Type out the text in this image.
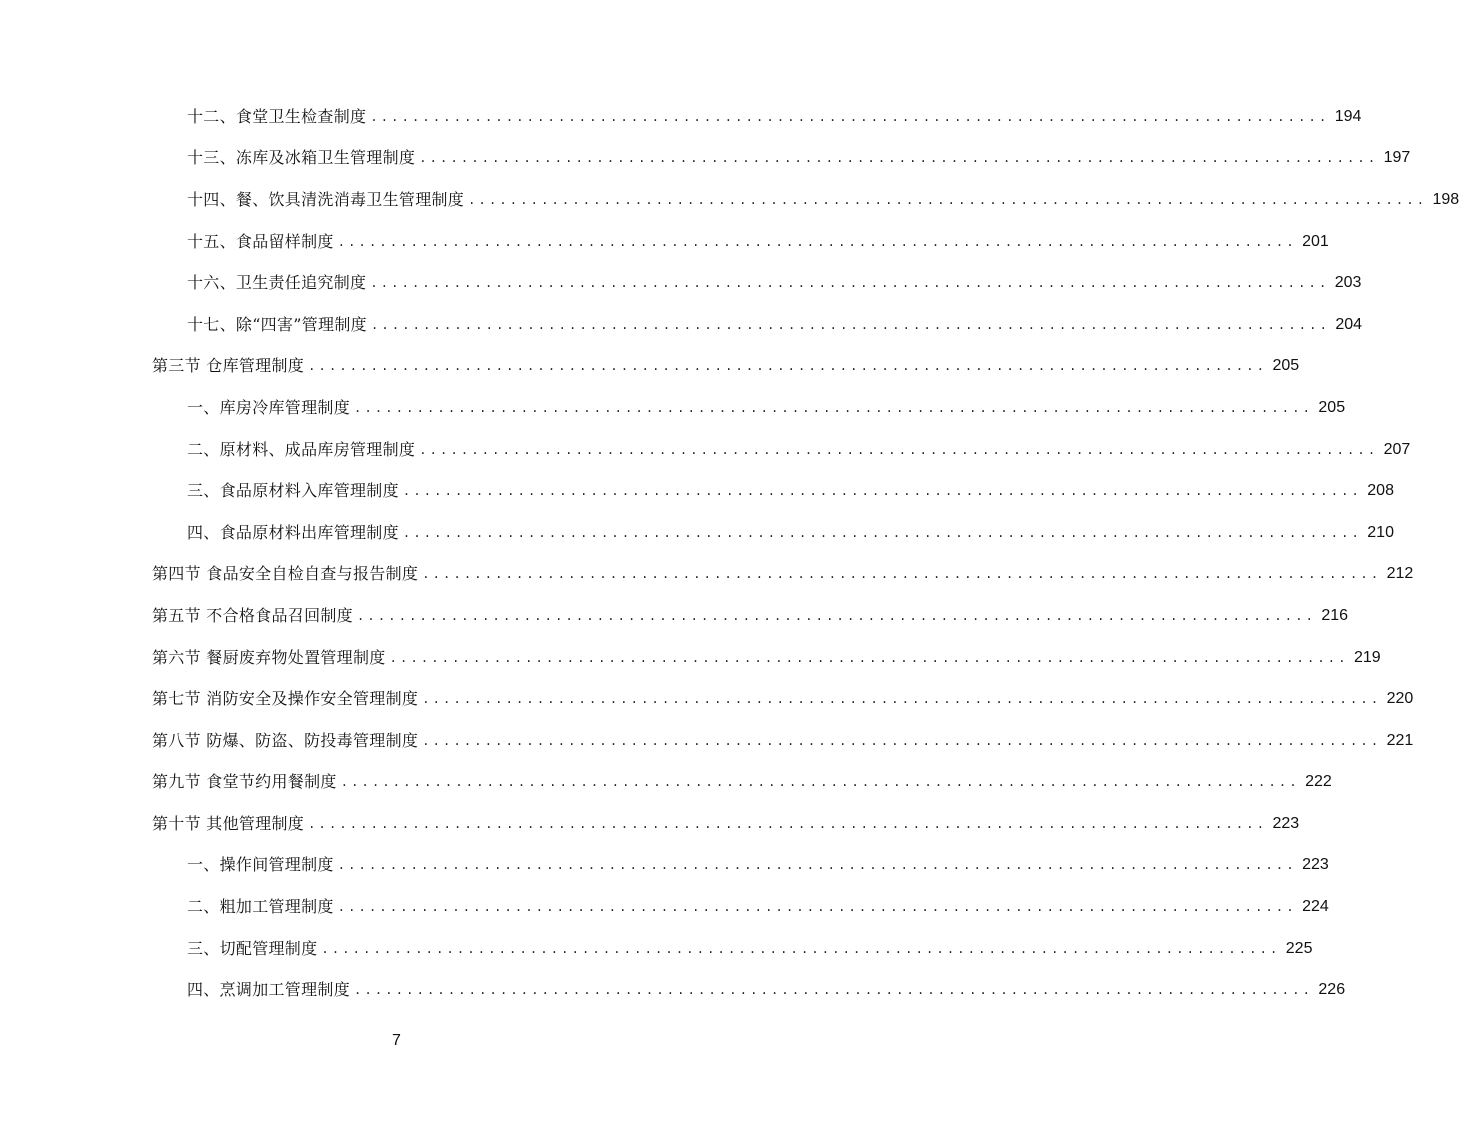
十二、食堂卫生检查制度 ............................................................................................ 194
十三、冻库及冰箱卫生管理制度 ............................................................................................ 197
十四、餐、饮具清洗消毒卫生管理制度 ............................................................................................ 198
十五、食品留样制度 ............................................................................................ 201
十六、卫生责任追究制度 ............................................................................................ 203
十七、除“四害”管理制度 ............................................................................................ 204
第三节 仓库管理制度 ............................................................................................ 205
一、库房冷库管理制度 ............................................................................................ 205
二、原材料、成品库房管理制度 ............................................................................................ 207
三、食品原材料入库管理制度 ............................................................................................ 208
四、食品原材料出库管理制度 ............................................................................................ 210
第四节 食品安全自检自查与报告制度 ............................................................................................ 212
第五节 不合格食品召回制度 ............................................................................................ 216
第六节 餐厨废弃物处置管理制度 ............................................................................................ 219
第七节 消防安全及操作安全管理制度 ............................................................................................ 220
第八节 防爆、防盗、防投毒管理制度 ............................................................................................ 221
第九节 食堂节约用餐制度 ............................................................................................ 222
第十节 其他管理制度 ............................................................................................ 223
一、操作间管理制度 ............................................................................................ 223
二、粗加工管理制度 ............................................................................................ 224
三、切配管理制度 ............................................................................................ 225
四、烹调加工管理制度 ............................................................................................ 226
7
